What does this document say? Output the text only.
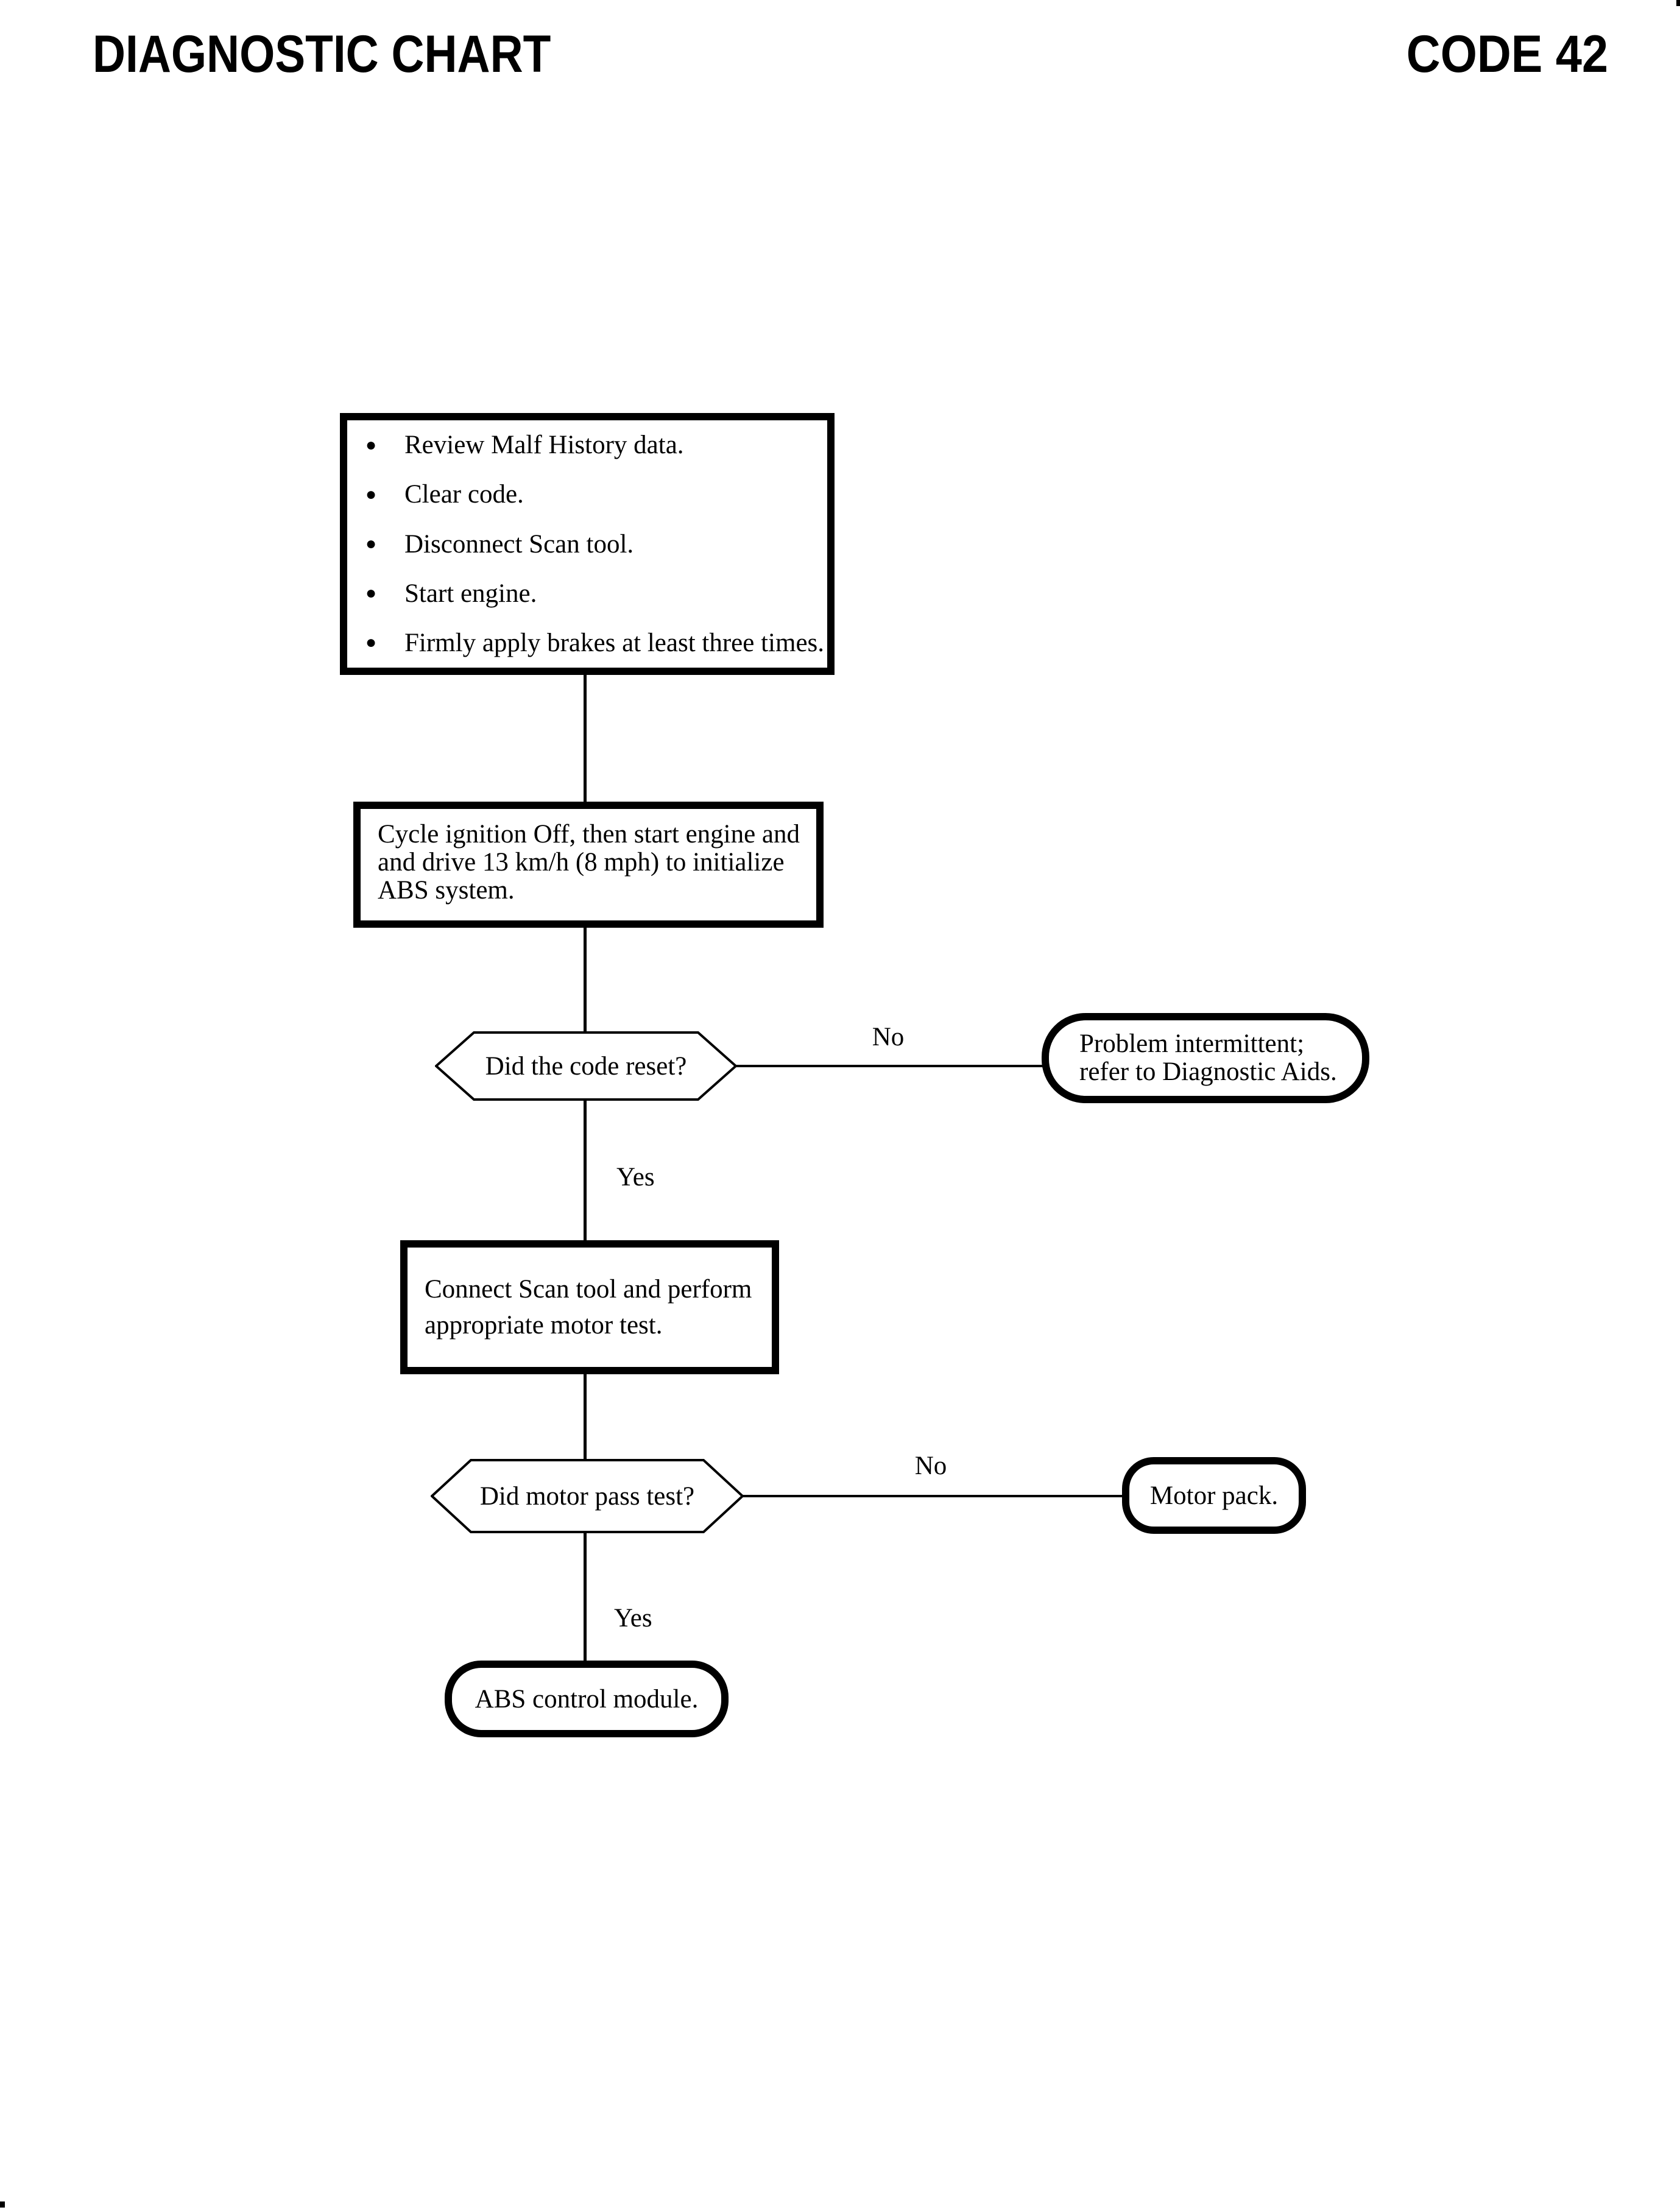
DIAGNOSTIC CHART	CODE 42
●	Review Malf History data.
●	Clear code.
●	Disconnect Scan tool.
●	Start engine.
●	Firmly apply brakes at least three times.
Cycle ignition Off, then start engine and
and drive 13 km/h (8 mph) to initialize
ABS system.
Did the code reset?
No	Problem intermittent;
refer to Diagnostic Aids.
Yes
Connect Scan tool and perform
appropriate motor test.
Did motor pass test?
No
Motor pack.
Yes
ABS control module.
